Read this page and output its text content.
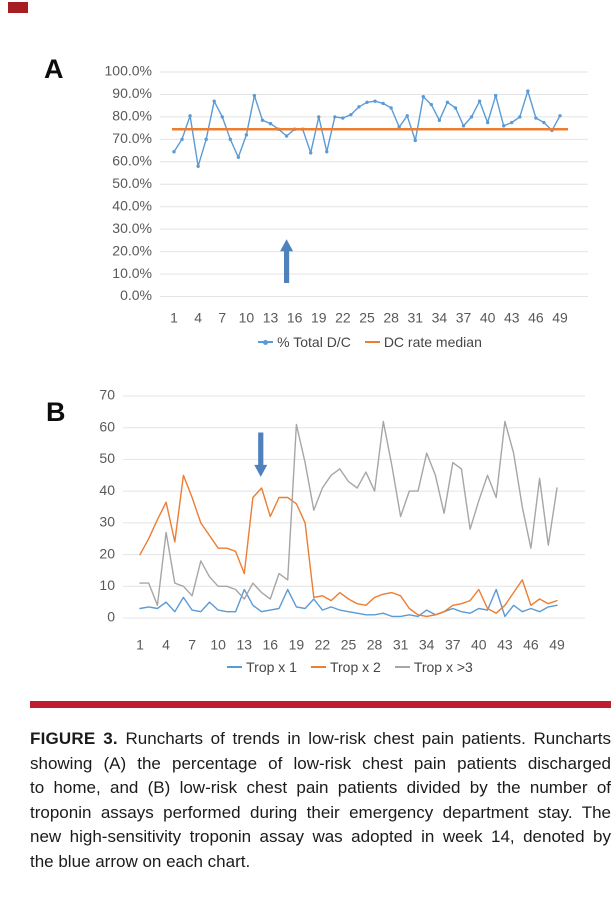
A
B
100.0%
90.0%
80.0%
70.0%
60.0%
50.0%
40.0%
30.0%
20.0%
10.0%
0.0%
1 4 7 10 13 16 19 22 25 28 31 34 37 40 43 46 49
70
60
50
40
30
20
10
0
1 4 7 10 13 16 19 22 25 28 31 34 37 40 43 46 49
% Total D/C DC rate median
Trop x 1 Trop x 2 Trop x >3
FIGURE 3. Runcharts of trends in low-risk chest pain patients. Runcharts
showing (A) the percentage of low-risk chest pain patients discharged
to home, and (B) low-risk chest pain patients divided by the number of
troponin assays performed during their emergency department stay. The
new high-sensitivity troponin assay was adopted in week 14, denoted by
the blue arrow on each chart.
